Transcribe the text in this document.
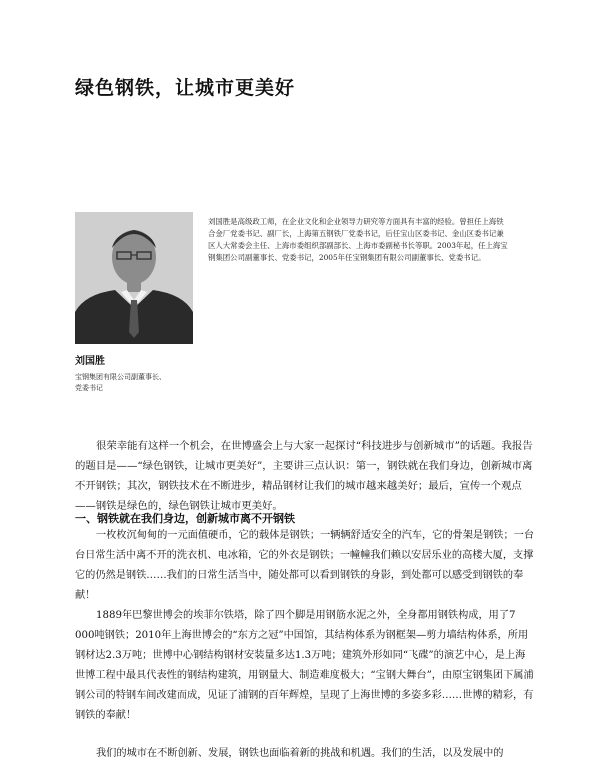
绿色钢铁，让城市更美好
刘国胜是高级政工师，在企业文化和企业领导力研究等方面具有丰富的经验。曾担任上海铁合金厂党委书记、副厂长，上海第五钢铁厂党委书记，后任宝山区委书记、金山区委书记兼区人大常委会主任、上海市委组织部副部长、上海市委副秘书长等职。2003年起，任上海宝钢集团公司副董事长、党委书记，2005年任宝钢集团有限公司副董事长、党委书记。
刘国胜
宝钢集团有限公司副董事长、
党委书记

很荣幸能有这样一个机会，在世博盛会上与大家一起探讨“科技进步与创新城市”的话题。我报告的题目是——“绿色钢铁，让城市更美好”，主要讲三点认识：第一，钢铁就在我们身边，创新城市离不开钢铁；其次，钢铁技术在不断进步，精品钢材让我们的城市越来越美好；最后，宣传一个观点——钢铁是绿色的，绿色钢铁让城市更美好。

一、钢铁就在我们身边，创新城市离不开钢铁

一枚枚沉甸甸的一元面值硬币，它的载体是钢铁；一辆辆舒适安全的汽车，它的骨架是钢铁；一台台日常生活中离不开的洗衣机、电冰箱，它的外衣是钢铁；一幢幢我们赖以安居乐业的高楼大厦，支撑它的仍然是钢铁……我们的日常生活当中，随处都可以看到钢铁的身影，到处都可以感受到钢铁的奉献！

1889年巴黎世博会的埃菲尔铁塔，除了四个脚是用钢筋水泥之外，全身都用钢铁构成，用了7 000吨钢铁；2010年上海世博会的“东方之冠”中国馆，其结构体系为钢框架—剪力墙结构体系，所用钢材达2.3万吨；世博中心钢结构钢材安装量多达1.3万吨；建筑外形如同“飞碟”的演艺中心，是上海世博工程中最具代表性的钢结构建筑，用钢量大、制造难度极大；“宝钢大舞台”，由原宝钢集团下属浦钢公司的特钢车间改建而成，见证了浦钢的百年辉煌，呈现了上海世博的多姿多彩……世博的精彩，有钢铁的奉献！

我们的城市在不断创新、发展，钢铁也面临着新的挑战和机遇。我们的生活，以及发展中的
